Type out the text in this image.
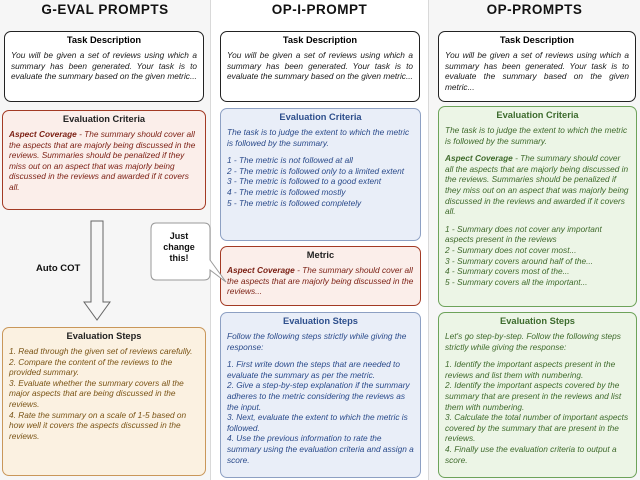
G-EVAL PROMPTS
Task Description
You will be given a set of reviews using which a summary has been generated. Your task is to evaluate the summary based on the given metric...
Evaluation Criteria
Aspect Coverage - The summary should cover all the aspects that are majorly being discussed in the reviews. Summaries should be penalized if they miss out on an aspect that was majorly being discussed in the reviews and awarded if it covers all.
Auto COT
Evaluation Steps
1. Read through the given set of reviews carefully.
2. Compare the content of the reviews to the provided summary.
3. Evaluate whether the summary covers all the major aspects that are being discussed in the reviews.
4. Rate the summary on a scale of 1-5 based on how well it covers the aspects discussed in the reviews.
OP-I-PROMPT
Task Description
You will be given a set of reviews using which a summary has been generated. Your task is to evaluate the summary based on the given metric...
Evaluation Criteria
The task is to judge the extent to which the metric is followed by the summary.
1 - The metric is not followed at all
2 - The metric is followed only to a limited extent
3 - The metric is followed to a good extent
4 - The metric is followed mostly
5 - The metric is followed completely
Metric
Aspect Coverage - The summary should cover all the aspects that are majorly being discussed in the reviews...
Evaluation Steps
Follow the following steps strictly while giving the response:
1. First write down the steps that are needed to evaluate the summary as per the metric.
2. Give a step-by-step explanation if the summary adheres to the metric considering the reviews as the input.
3. Next, evaluate the extent to which the metric is followed.
4. Use the previous information to rate the summary using the evaluation criteria and assign a score.
Just
change
this!
OP-PROMPTS
Task Description
You will be given a set of reviews using which a summary has been generated. Your task is to evaluate the summary based on the given metric...
Evaluation Criteria
The task is to judge the extent to which the metric is followed by the summary.
Aspect Coverage - The summary should cover all the aspects that are majorly being discussed in the reviews. Summaries should be penalized if they miss out on an aspect that was majorly being discussed in the reviews and awarded if it covers all.
1 - Summary does not cover any important aspects present in the reviews
2 - Summary does not cover most...
3 - Summary covers around half of the...
4 - Summary covers most of the...
5 - Summary covers all the important...
Evaluation Steps
Let's go step-by-step. Follow the following steps strictly while giving the response:
1. Identify the important aspects present in the reviews and list them with numbering.
2. Identify the important aspects covered by the summary that are present in the reviews and list them with numbering.
3. Calculate the total number of important aspects covered by the summary that are present in the reviews.
4. Finally use the evaluation criteria to output a score.
